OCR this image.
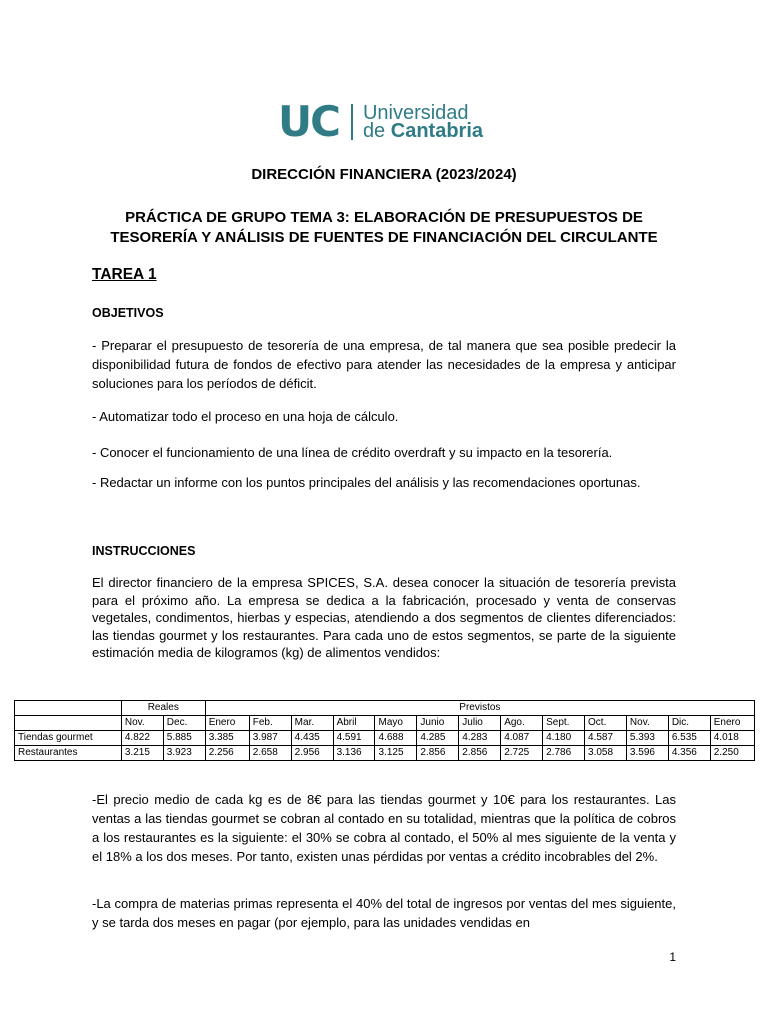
UC Universidad
de Cantabria
DIRECCIÓN FINANCIERA (2023/2024)
PRÁCTICA DE GRUPO TEMA 3: ELABORACIÓN DE PRESUPUESTOS DE
TESORERÍA Y ANÁLISIS DE FUENTES DE FINANCIACIÓN DEL CIRCULANTE
TAREA 1
OBJETIVOS
- Preparar el presupuesto de tesorería de una empresa, de tal manera que sea posible predecir la disponibilidad futura de fondos de efectivo para atender las necesidades de la empresa y anticipar soluciones para los períodos de déficit.
- Automatizar todo el proceso en una hoja de cálculo.
- Conocer el funcionamiento de una línea de crédito overdraft y su impacto en la tesorería.
- Redactar un informe con los puntos principales del análisis y las recomendaciones oportunas.
INSTRUCCIONES
El director financiero de la empresa SPICES, S.A. desea conocer la situación de tesorería prevista para el próximo año. La empresa se dedica a la fabricación, procesado y venta de conservas vegetales, condimentos, hierbas y especias, atendiendo a dos segmentos de clientes diferenciados: las tiendas gourmet y los restaurantes. Para cada uno de estos segmentos, se parte de la siguiente estimación media de kilogramos (kg) de alimentos vendidos:
	Reales		Previstos												
	Nov.	Dec.	Enero	Feb.	Mar.	Abril	Mayo	Junio	Julio	Ago.	Sept.	Oct.	Nov.	Dic.	Enero
Tiendas gourmet	4.822	5.885	3.385	3.987	4.435	4.591	4.688	4.285	4.283	4.087	4.180	4.587	5.393	6.535	4.018
Restaurantes	3.215	3.923	2.256	2.658	2.956	3.136	3.125	2.856	2.856	2.725	2.786	3.058	3.596	4.356	2.250
-El precio medio de cada kg es de 8€ para las tiendas gourmet y 10€ para los restaurantes. Las ventas a las tiendas gourmet se cobran al contado en su totalidad, mientras que la política de cobros a los restaurantes es la siguiente: el 30% se cobra al contado, el 50% al mes siguiente de la venta y el 18% a los dos meses. Por tanto, existen unas pérdidas por ventas a crédito incobrables del 2%.
-La compra de materias primas representa el 40% del total de ingresos por ventas del mes siguiente, y se tarda dos meses en pagar (por ejemplo, para las unidades vendidas en
1
